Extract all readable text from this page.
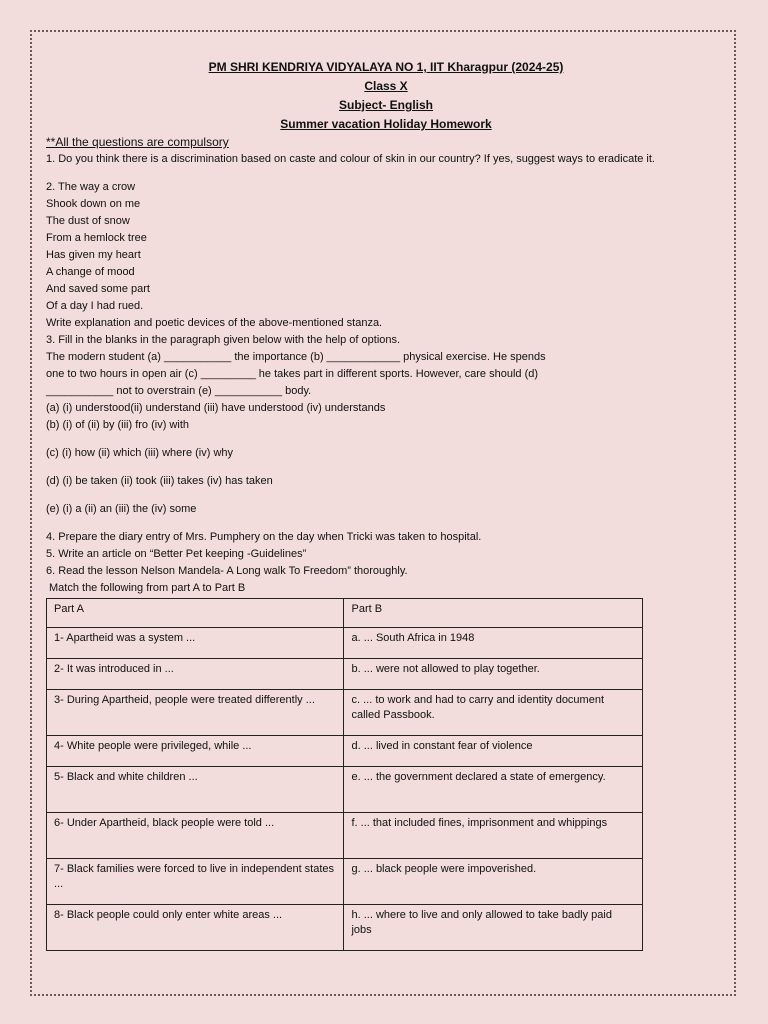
PM SHRI KENDRIYA VIDYALAYA NO 1, IIT Kharagpur (2024-25)
Class X
Subject- English
Summer vacation Holiday Homework
**All the questions are compulsory
1. Do you think there is a discrimination based on caste and colour of skin in our country? If yes, suggest ways to eradicate it.
2. The way a crow
Shook down on me
The dust of snow
From a hemlock tree
Has given my heart
A change of mood
And saved some part
Of a day I had rued.
Write explanation and poetic devices of the above-mentioned stanza.
3. Fill in the blanks in the paragraph given below with the help of options.
The modern student (a) ___________ the importance (b) ____________ physical exercise. He spends
one to two hours in open air (c) _________ he takes part in different sports. However, care should (d)
___________ not to overstrain (e) ___________ body.
(a) (i) understood(ii) understand (iii) have understood (iv) understands
(b) (i) of (ii) by (iii) fro (iv) with
(c) (i) how (ii) which (iii) where (iv) why
(d) (i) be taken (ii) took (iii) takes (iv) has taken
(e) (i) a (ii) an (iii) the (iv) some
4. Prepare the diary entry of Mrs. Pumphery on the day when Tricki was taken to hospital.
5. Write an article on “Better Pet keeping -Guidelines”
6. Read the lesson Nelson Mandela- A Long walk To Freedom” thoroughly.
Match the following from part A to Part B
Part A	Part B
1- Apartheid was a system ...	a. ... South Africa in 1948
2- It was introduced in ...	b. ... were not allowed to play together.
3- During Apartheid, people were treated differently ...	c. ... to work and had to carry and identity document called Passbook.
4- White people were privileged, while ...	d. ... lived in constant fear of violence
5- Black and white children ...	e. ... the government declared a state of emergency.
6- Under Apartheid, black people were told ...	f. ... that included fines, imprisonment and whippings
7- Black families were forced to live in independent states ...	g. ... black people were impoverished.
8- Black people could only enter white areas ...	h. ... where to live and only allowed to take badly paid jobs
